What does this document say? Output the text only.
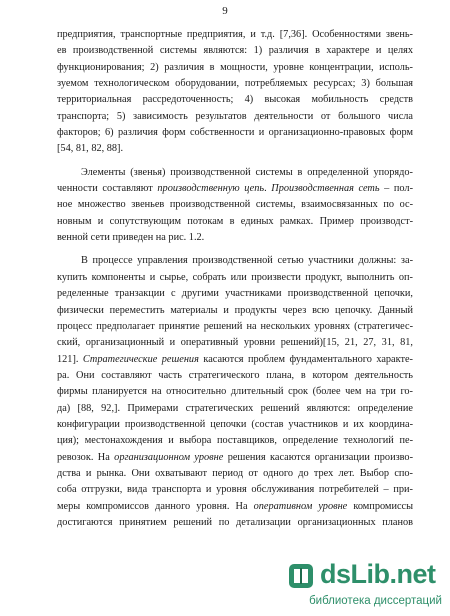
9

предприятия, транспортные предприятия, и т.д. [7,36]. Особенностями звень-
ев производственной системы являются: 1) различия в характере и целях
функционирования; 2) различия в мощности, уровне концентрации, исполь-
зуемом технологическом оборудовании, потребляемых ресурсах; 3) большая
территориальная рассредоточенность; 4) высокая мобильность средств
транспорта; 5) зависимость результатов деятельности от большого числа
факторов; 6) различия форм собственности и организационно-правовых форм
[54, 81, 82, 88].

Элементы (звенья) производственной системы в определенной упорядо-
ченности составляют производственную цепь. Производственная сеть – пол-
ное множество звеньев производственной системы, взаимосвязанных по ос-
новным и сопутствующим потокам в единых рамках. Пример производст-
венной сети приведен на рис. 1.2.

В процессе управления производственной сетью участники должны: за-
купить компоненты и сырье, собрать или произвести продукт, выполнить оп-
ределенные транзакции с другими участниками производственной цепочки,
физически переместить материалы и продукты через всю цепочку. Данный
процесс предполагает принятие решений на нескольких уровнях (стратегичес-
ский, организационный и оперативный уровни решений)[15, 21, 27, 31, 81,
121]. Стратегические решения касаются проблем фундаментального характе-
ра. Они составляют часть стратегического плана, в котором деятельность
фирмы планируется на относительно длительный срок (более чем на три го-
да) [88, 92,]. Примерами стратегических решений являются: определение
конфигурации производственной цепочки (состав участников и их координа-
ция); местонахождения и выбора поставщиков, определение технологий пе-
ревозок. На организационном уровне решения касаются организации произво-
дства и рынка. Они охватывают период от одного до трех лет. Выбор спо-
соба отгрузки, вида транспорта и уровня обслуживания потребителей – при-
меры компромиссов данного уровня. На оперативном уровне компромиссы
достигаются принятием решений по детализации организационных планов

dsLib.net
библиотека диссертаций
